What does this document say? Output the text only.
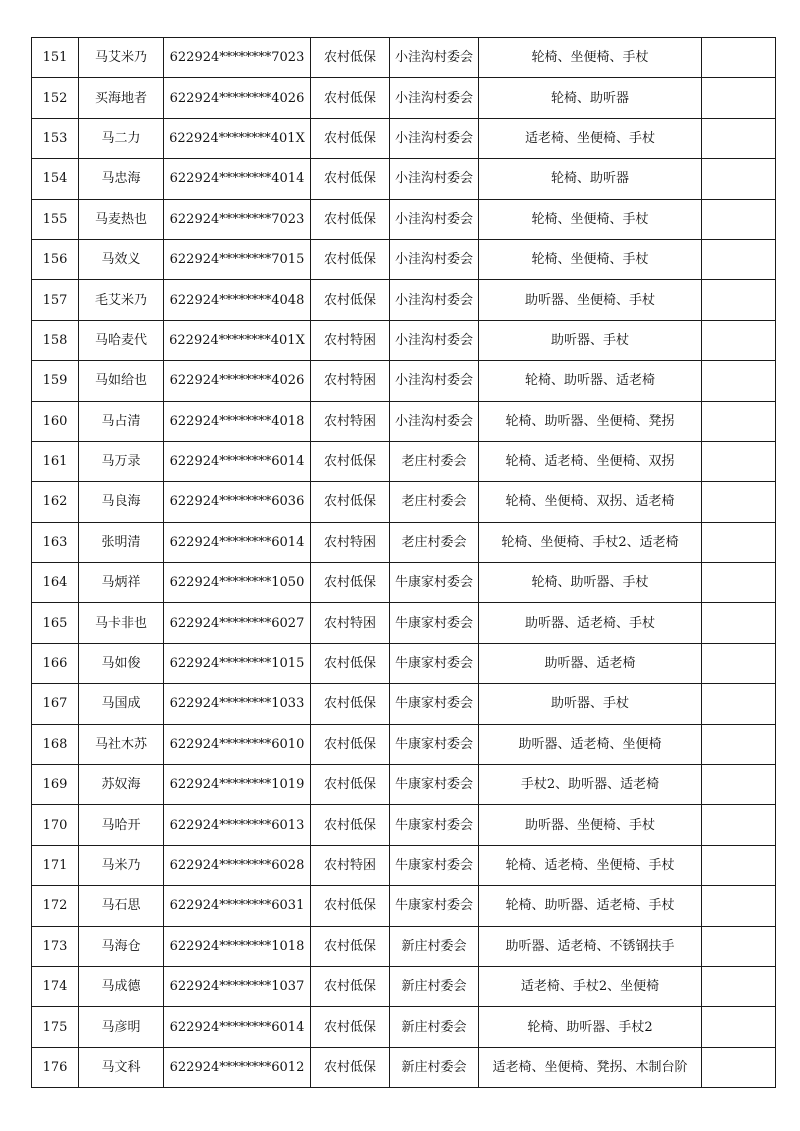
151	马艾米乃	622924********7023	农村低保	小洼沟村委会	轮椅、坐便椅、手杖	
152	买海地者	622924********4026	农村低保	小洼沟村委会	轮椅、助听器	
153	马二力	622924********401X	农村低保	小洼沟村委会	适老椅、坐便椅、手杖	
154	马忠海	622924********4014	农村低保	小洼沟村委会	轮椅、助听器	
155	马麦热也	622924********7023	农村低保	小洼沟村委会	轮椅、坐便椅、手杖	
156	马效义	622924********7015	农村低保	小洼沟村委会	轮椅、坐便椅、手杖	
157	毛艾米乃	622924********4048	农村低保	小洼沟村委会	助听器、坐便椅、手杖	
158	马哈麦代	622924********401X	农村特困	小洼沟村委会	助听器、手杖	
159	马如给也	622924********4026	农村特困	小洼沟村委会	轮椅、助听器、适老椅	
160	马占清	622924********4018	农村特困	小洼沟村委会	轮椅、助听器、坐便椅、凳拐	
161	马万录	622924********6014	农村低保	老庄村委会	轮椅、适老椅、坐便椅、双拐	
162	马良海	622924********6036	农村低保	老庄村委会	轮椅、坐便椅、双拐、适老椅	
163	张明清	622924********6014	农村特困	老庄村委会	轮椅、坐便椅、手杖2、适老椅	
164	马炳祥	622924********1050	农村低保	牛康家村委会	轮椅、助听器、手杖	
165	马卡非也	622924********6027	农村特困	牛康家村委会	助听器、适老椅、手杖	
166	马如俊	622924********1015	农村低保	牛康家村委会	助听器、适老椅	
167	马国成	622924********1033	农村低保	牛康家村委会	助听器、手杖	
168	马社木苏	622924********6010	农村低保	牛康家村委会	助听器、适老椅、坐便椅	
169	苏奴海	622924********1019	农村低保	牛康家村委会	手杖2、助听器、适老椅	
170	马哈开	622924********6013	农村低保	牛康家村委会	助听器、坐便椅、手杖	
171	马米乃	622924********6028	农村特困	牛康家村委会	轮椅、适老椅、坐便椅、手杖	
172	马石思	622924********6031	农村低保	牛康家村委会	轮椅、助听器、适老椅、手杖	
173	马海仓	622924********1018	农村低保	新庄村委会	助听器、适老椅、不锈钢扶手	
174	马成德	622924********1037	农村低保	新庄村委会	适老椅、手杖2、坐便椅	
175	马彦明	622924********6014	农村低保	新庄村委会	轮椅、助听器、手杖2	
176	马文科	622924********6012	农村低保	新庄村委会	适老椅、坐便椅、凳拐、木制台阶	
